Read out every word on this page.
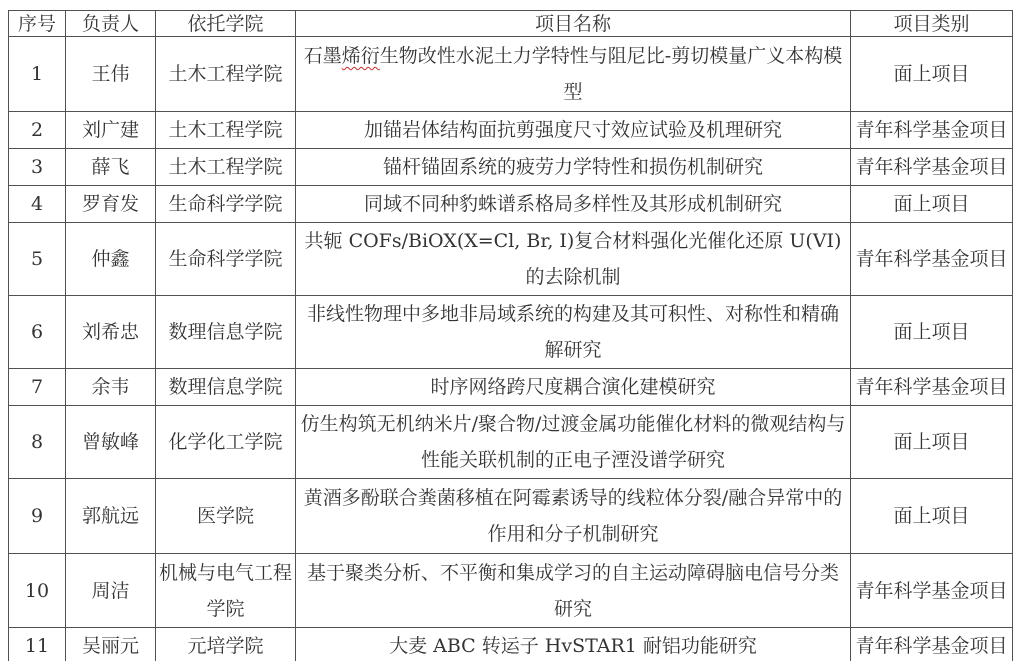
序号	负责人	依托学院	项目名称	项目类别
1	王伟	土木工程学院	石墨烯衍生物改性水泥土力学特性与阻尼比-剪切模量广义本构模型	面上项目
2	刘广建	土木工程学院	加锚岩体结构面抗剪强度尺寸效应试验及机理研究	青年科学基金项目
3	薛飞	土木工程学院	锚杆锚固系统的疲劳力学特性和损伤机制研究	青年科学基金项目
4	罗育发	生命科学学院	同域不同种豹蛛谱系格局多样性及其形成机制研究	面上项目
5	仲鑫	生命科学学院	共轭 COFs/BiOX(X=Cl, Br, I)复合材料强化光催化还原 U(VI)的去除机制	青年科学基金项目
6	刘希忠	数理信息学院	非线性物理中多地非局域系统的构建及其可积性、对称性和精确解研究	面上项目
7	余韦	数理信息学院	时序网络跨尺度耦合演化建模研究	青年科学基金项目
8	曾敏峰	化学化工学院	仿生构筑无机纳米片/聚合物/过渡金属功能催化材料的微观结构与性能关联机制的正电子湮没谱学研究	面上项目
9	郭航远	医学院	黄酒多酚联合粪菌移植在阿霉素诱导的线粒体分裂/融合异常中的作用和分子机制研究	面上项目
10	周洁	机械与电气工程学院	基于聚类分析、不平衡和集成学习的自主运动障碍脑电信号分类研究	青年科学基金项目
11	吴丽元	元培学院	大麦 ABC 转运子 HvSTAR1 耐铝功能研究	青年科学基金项目
